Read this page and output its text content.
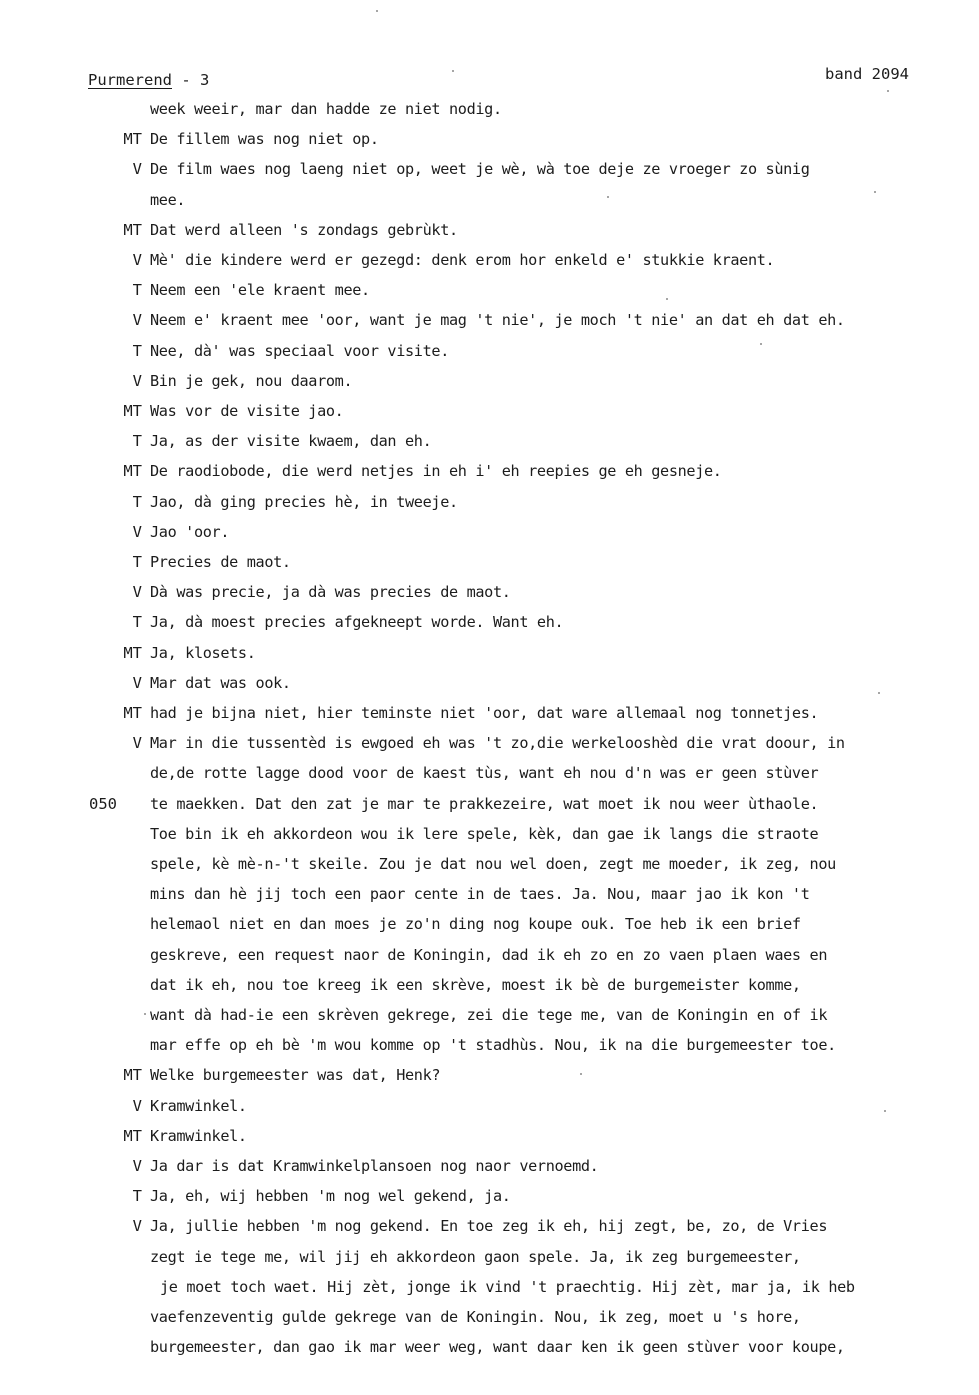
Purmerend - 3	band 2094
week weeir, mar dan hadde ze niet nodig.
MT De fillem was nog niet op.
V De film waes nog laeng niet op, weet je wè, wà toe deje ze vroeger zo sùnig
mee.
MT Dat werd alleen 's zondags gebrùkt.
V Mè' die kindere werd er gezegd: denk erom hor enkeld e' stukkie kraent.
T Neem een 'ele kraent mee.
V Neem e' kraent mee 'oor, want je mag 't nie', je moch 't nie' an dat eh dat eh.
T Nee, dà' was speciaal voor visite.
V Bin je gek, nou daarom.
MT Was vor de visite jao.
T Ja, as der visite kwaem, dan eh.
MT De raodiobode, die werd netjes in eh i' eh reepies ge eh gesneje.
T Jao, dà ging precies hè, in tweeje.
V Jao 'oor.
T Precies de maot.
V Dà was precie, ja dà was precies de maot.
T Ja, dà moest precies afgekneept worde. Want eh.
MT Ja, klosets.
V Mar dat was ook.
MT had je bijna niet, hier teminste niet 'oor, dat ware allemaal nog tonnetjes.
V Mar in die tussentèd is ewgoed eh was 't zo,die werkelooshèd die vrat doour, in
de,de rotte lagge dood voor de kaest tùs, want eh nou d'n was er geen stùver
050 te maekken. Dat den zat je mar te prakkezeire, wat moet ik nou weer ùthaole.
Toe bin ik eh akkordeon wou ik lere spele, kèk, dan gae ik langs die straote
spele, kè mè-n-'t skeile. Zou je dat nou wel doen, zegt me moeder, ik zeg, nou
mins dan hè jij toch een paor cente in de taes. Ja. Nou, maar jao ik kon 't
helemaol niet en dan moes je zo'n ding nog koupe ouk. Toe heb ik een brief
geskreve, een request naor de Koningin, dad ik eh zo en zo vaen plaen waes en
dat ik eh, nou toe kreeg ik een skrève, moest ik bè de burgemeister komme,
want dà had-ie een skrèven gekrege, zei die tege me, van de Koningin en of ik
mar effe op eh bè 'm wou komme op 't stadhùs. Nou, ik na die burgemeester toe.
MT Welke burgemeester was dat, Henk?
V Kramwinkel.
MT Kramwinkel.
V Ja dar is dat Kramwinkelplansoen nog naor vernoemd.
T Ja, eh, wij hebben 'm nog wel gekend, ja.
V Ja, jullie hebben 'm nog gekend. En toe zeg ik eh, hij zegt, be, zo, de Vries
zegt ie tege me, wil jij eh akkordeon gaon spele. Ja, ik zeg burgemeester,
je moet toch waet. Hij zèt, jonge ik vind 't praechtig. Hij zèt, mar ja, ik heb
vaefenzeventig gulde gekrege van de Koningin. Nou, ik zeg, moet u 's hore,
burgemeester, dan gao ik mar weer weg, want daar ken ik geen stùver voor koupe,
